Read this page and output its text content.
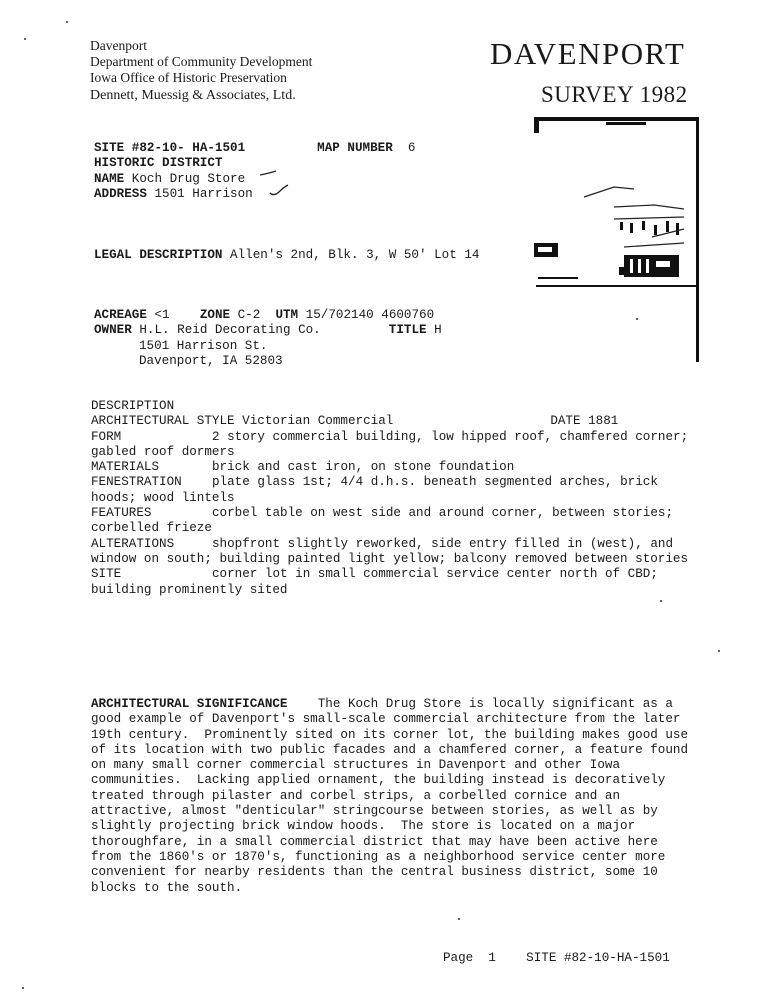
Davenport
Department of Community Development
Iowa Office of Historic Preservation
Dennett, Muessig & Associates, Ltd.
DAVENPORT
SURVEY 1982
SITE #82-10- HA-1501	MAP NUMBER 6
HISTORIC DISTRICT
NAME Koch Drug Store
ADDRESS 1501 Harrison
LEGAL DESCRIPTION Allen's 2nd, Blk. 3, W 50' Lot 14
ACREAGE <1 ZONE C-2 UTM 15/702140 4600760
OWNER H.L. Reid Decorating Co.	TITLE H
1501 Harrison St.
Davenport, IA 52803
DESCRIPTION
ARCHITECTURAL STYLE Victorian Commercial	DATE 1881
FORM	2 story commercial building, low hipped roof, chamfered corner;
gabled roof dormers
MATERIALS	brick and cast iron, on stone foundation
FENESTRATION plate glass 1st; 4/4 d.h.s. beneath segmented arches, brick
hoods; wood lintels
FEATURES	corbel table on west side and around corner, between stories;
corbelled frieze
ALTERATIONS	shopfront slightly reworked, side entry filled in (west), and
window on south; building painted light yellow; balcony removed between stories
SITE	corner lot in small commercial service center north of CBD;
building prominently sited
ARCHITECTURAL SIGNIFICANCE    The Koch Drug Store is locally significant as a
good example of Davenport's small-scale commercial architecture from the later
19th century.  Prominently sited on its corner lot, the building makes good use
of its location with two public facades and a chamfered corner, a feature found
on many small corner commercial structures in Davenport and other Iowa
communities.  Lacking applied ornament, the building instead is decoratively
treated through pilaster and corbel strips, a corbelled cornice and an
attractive, almost "denticular" stringcourse between stories, as well as by
slightly projecting brick window hoods.  The store is located on a major
thoroughfare, in a small commercial district that may have been active here
from the 1860's or 1870's, functioning as a neighborhood service center more
convenient for nearby residents than the central business district, some 10
blocks to the south.
Page 1 SITE #82-10-HA-1501
